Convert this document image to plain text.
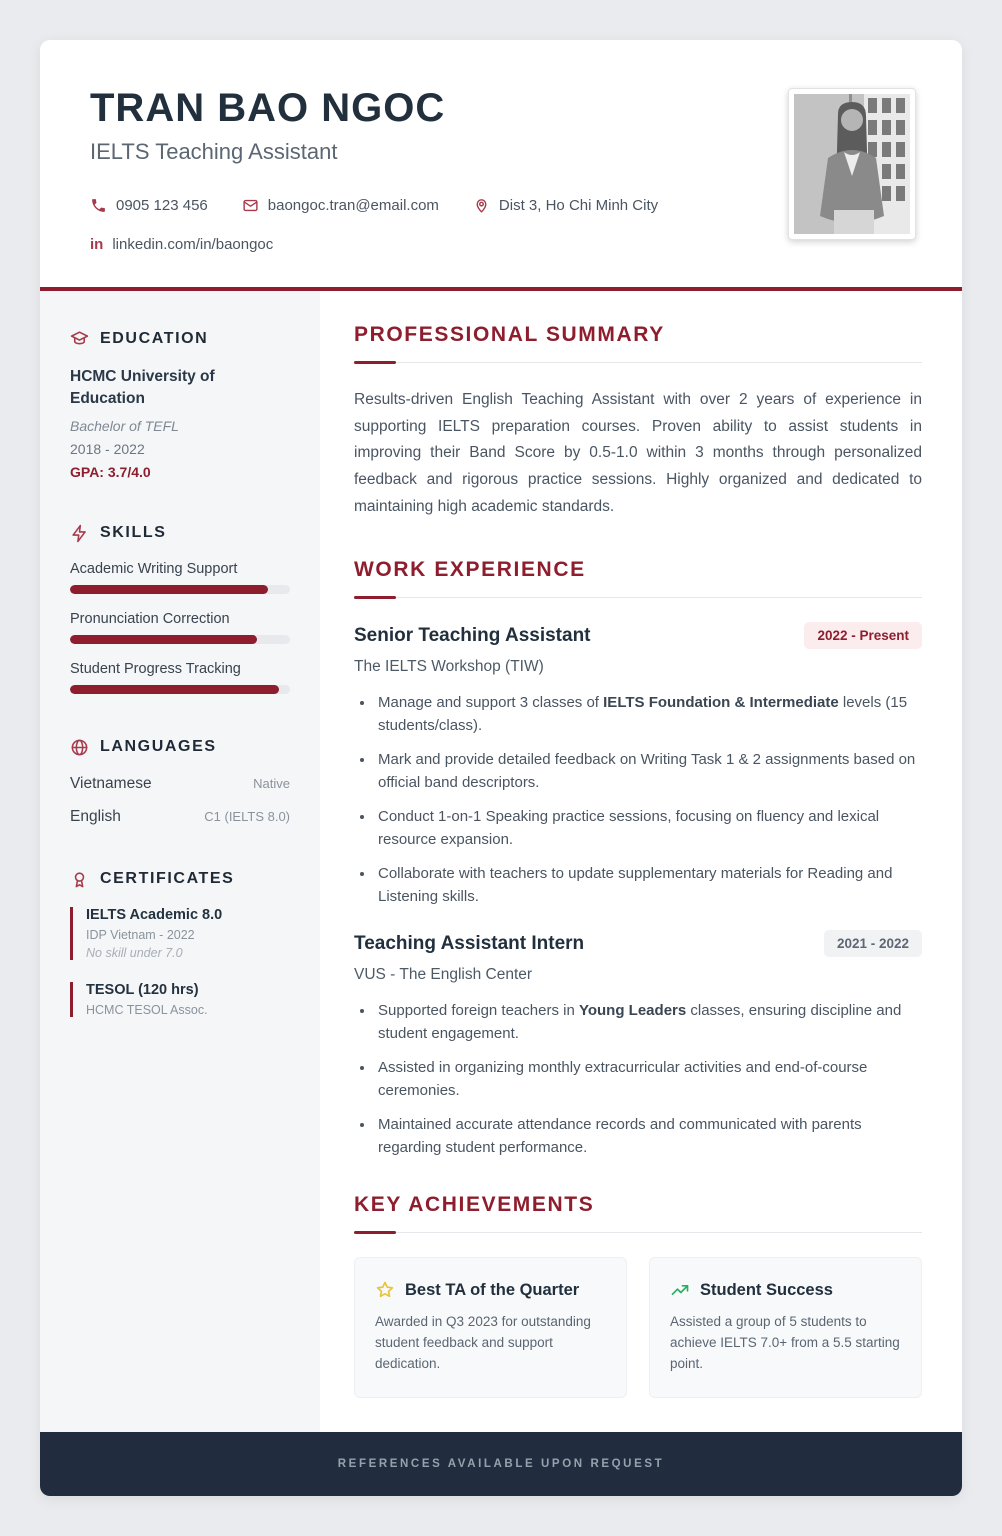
TRAN BAO NGOC
IELTS Teaching Assistant
0905 123 456	baongoc.tran@email.com	Dist 3, Ho Chi Minh City
in linkedin.com/in/baongoc
EDUCATION
HCMC University of Education
Bachelor of TEFL
2018 - 2022
GPA: 3.7/4.0
SKILLS
Academic Writing Support
Pronunciation Correction
Student Progress Tracking
LANGUAGES
Vietnamese	Native
English	C1 (IELTS 8.0)
CERTIFICATES
IELTS Academic 8.0
IDP Vietnam - 2022
No skill under 7.0
TESOL (120 hrs)
HCMC TESOL Assoc.
PROFESSIONAL SUMMARY

Results-driven English Teaching Assistant with over 2 years of experience in supporting IELTS preparation courses. Proven ability to assist students in improving their Band Score by 0.5-1.0 within 3 months through personalized feedback and rigorous practice sessions. Highly organized and dedicated to maintaining high academic standards.

WORK EXPERIENCE
Senior Teaching Assistant	2022 - Present
The IELTS Workshop (TIW)
• Manage and support 3 classes of IELTS Foundation & Intermediate levels (15 students/class).
• Mark and provide detailed feedback on Writing Task 1 & 2 assignments based on official band descriptors.
• Conduct 1-on-1 Speaking practice sessions, focusing on fluency and lexical resource expansion.
• Collaborate with teachers to update supplementary materials for Reading and Listening skills.
Teaching Assistant Intern	2021 - 2022
VUS - The English Center
• Supported foreign teachers in Young Leaders classes, ensuring discipline and student engagement.
• Assisted in organizing monthly extracurricular activities and end-of-course ceremonies.
• Maintained accurate attendance records and communicated with parents regarding student performance.
KEY ACHIEVEMENTS
Best TA of the Quarter
Awarded in Q3 2023 for outstanding student feedback and support dedication.
Student Success
Assisted a group of 5 students to achieve IELTS 7.0+ from a 5.5 starting point.
REFERENCES AVAILABLE UPON REQUEST
